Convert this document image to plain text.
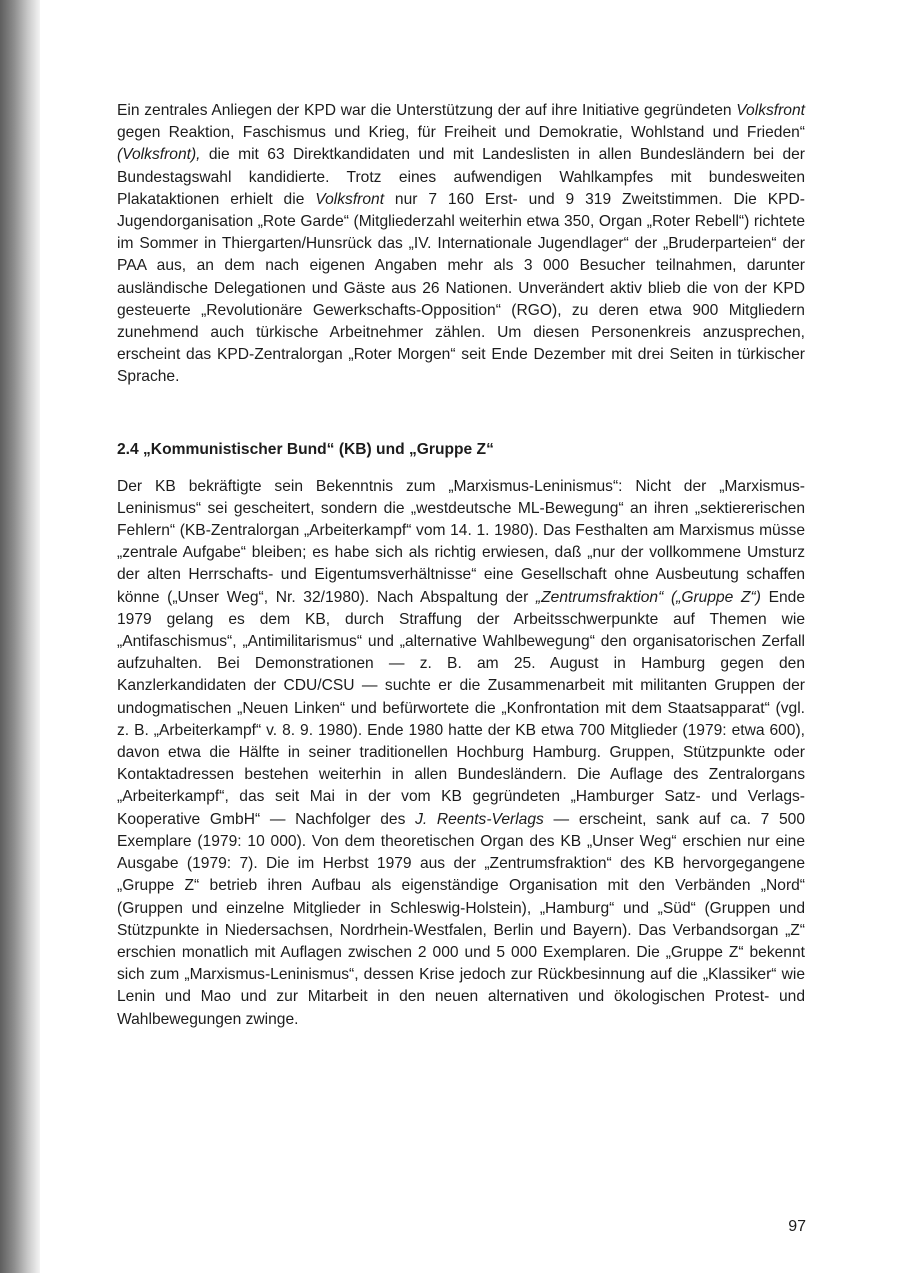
Ein zentrales Anliegen der KPD war die Unterstützung der auf ihre Initiative gegründeten Volksfront gegen Reaktion, Faschismus und Krieg, für Freiheit und Demokratie, Wohlstand und Frieden“ (Volksfront), die mit 63 Direktkandidaten und mit Landeslisten in allen Bundesländern bei der Bundestagswahl kandidierte. Trotz eines aufwendigen Wahlkampfes mit bundesweiten Plakataktionen erhielt die Volksfront nur 7 160 Erst- und 9 319 Zweitstimmen. Die KPD-Jugendorganisation „Rote Garde“ (Mitgliederzahl weiterhin etwa 350, Organ „Roter Rebell“) richtete im Sommer in Thiergarten/Hunsrück das „IV. Internationale Jugendlager“ der „Bruderparteien“ der PAA aus, an dem nach eigenen Angaben mehr als 3 000 Besucher teilnahmen, darunter ausländische Delegationen und Gäste aus 26 Nationen. Unverändert aktiv blieb die von der KPD gesteuerte „Revolutionäre Gewerkschafts-Opposition“ (RGO), zu deren etwa 900 Mitgliedern zunehmend auch türkische Arbeitnehmer zählen. Um diesen Personenkreis anzusprechen, erscheint das KPD-Zentralorgan „Roter Morgen“ seit Ende Dezember mit drei Seiten in türkischer Sprache.

2.4 „Kommunistischer Bund“ (KB) und „Gruppe Z“

Der KB bekräftigte sein Bekenntnis zum „Marxismus-Leninismus“: Nicht der „Marxismus-Leninismus“ sei gescheitert, sondern die „westdeutsche ML-Bewegung“ an ihren „sektiererischen Fehlern“ (KB-Zentralorgan „Arbeiterkampf“ vom 14. 1. 1980). Das Festhalten am Marxismus müsse „zentrale Aufgabe“ bleiben; es habe sich als richtig erwiesen, daß „nur der vollkommene Umsturz der alten Herrschafts- und Eigentumsverhältnisse“ eine Gesellschaft ohne Ausbeutung schaffen könne („Unser Weg“, Nr. 32/1980). Nach Abspaltung der „Zentrumsfraktion“ („Gruppe Z“) Ende 1979 gelang es dem KB, durch Straffung der Arbeitsschwerpunkte auf Themen wie „Antifaschismus“, „Antimilitarismus“ und „alternative Wahlbewegung“ den organisatorischen Zerfall aufzuhalten. Bei Demonstrationen — z. B. am 25. August in Hamburg gegen den Kanzlerkandidaten der CDU/CSU — suchte er die Zusammenarbeit mit militanten Gruppen der undogmatischen „Neuen Linken“ und befürwortete die „Konfrontation mit dem Staatsapparat“ (vgl. z. B. „Arbeiterkampf“ v. 8. 9. 1980). Ende 1980 hatte der KB etwa 700 Mitglieder (1979: etwa 600), davon etwa die Hälfte in seiner traditionellen Hochburg Hamburg. Gruppen, Stützpunkte oder Kontaktadressen bestehen weiterhin in allen Bundesländern. Die Auflage des Zentralorgans „Arbeiterkampf“, das seit Mai in der vom KB gegründeten „Hamburger Satz- und Verlags-Kooperative GmbH“ — Nachfolger des J. Reents-Verlags — erscheint, sank auf ca. 7 500 Exemplare (1979: 10 000). Von dem theoretischen Organ des KB „Unser Weg“ erschien nur eine Ausgabe (1979: 7). Die im Herbst 1979 aus der „Zentrumsfraktion“ des KB hervorgegangene „Gruppe Z“ betrieb ihren Aufbau als eigenständige Organisation mit den Verbänden „Nord“ (Gruppen und einzelne Mitglieder in Schleswig-Holstein), „Hamburg“ und „Süd“ (Gruppen und Stützpunkte in Niedersachsen, Nordrhein-Westfalen, Berlin und Bayern). Das Verbandsorgan „Z“ erschien monatlich mit Auflagen zwischen 2 000 und 5 000 Exemplaren. Die „Gruppe Z“ bekennt sich zum „Marxismus-Leninismus“, dessen Krise jedoch zur Rückbesinnung auf die „Klassiker“ wie Lenin und Mao und zur Mitarbeit in den neuen alternativen und ökologischen Protest- und Wahlbewegungen zwinge.

97
